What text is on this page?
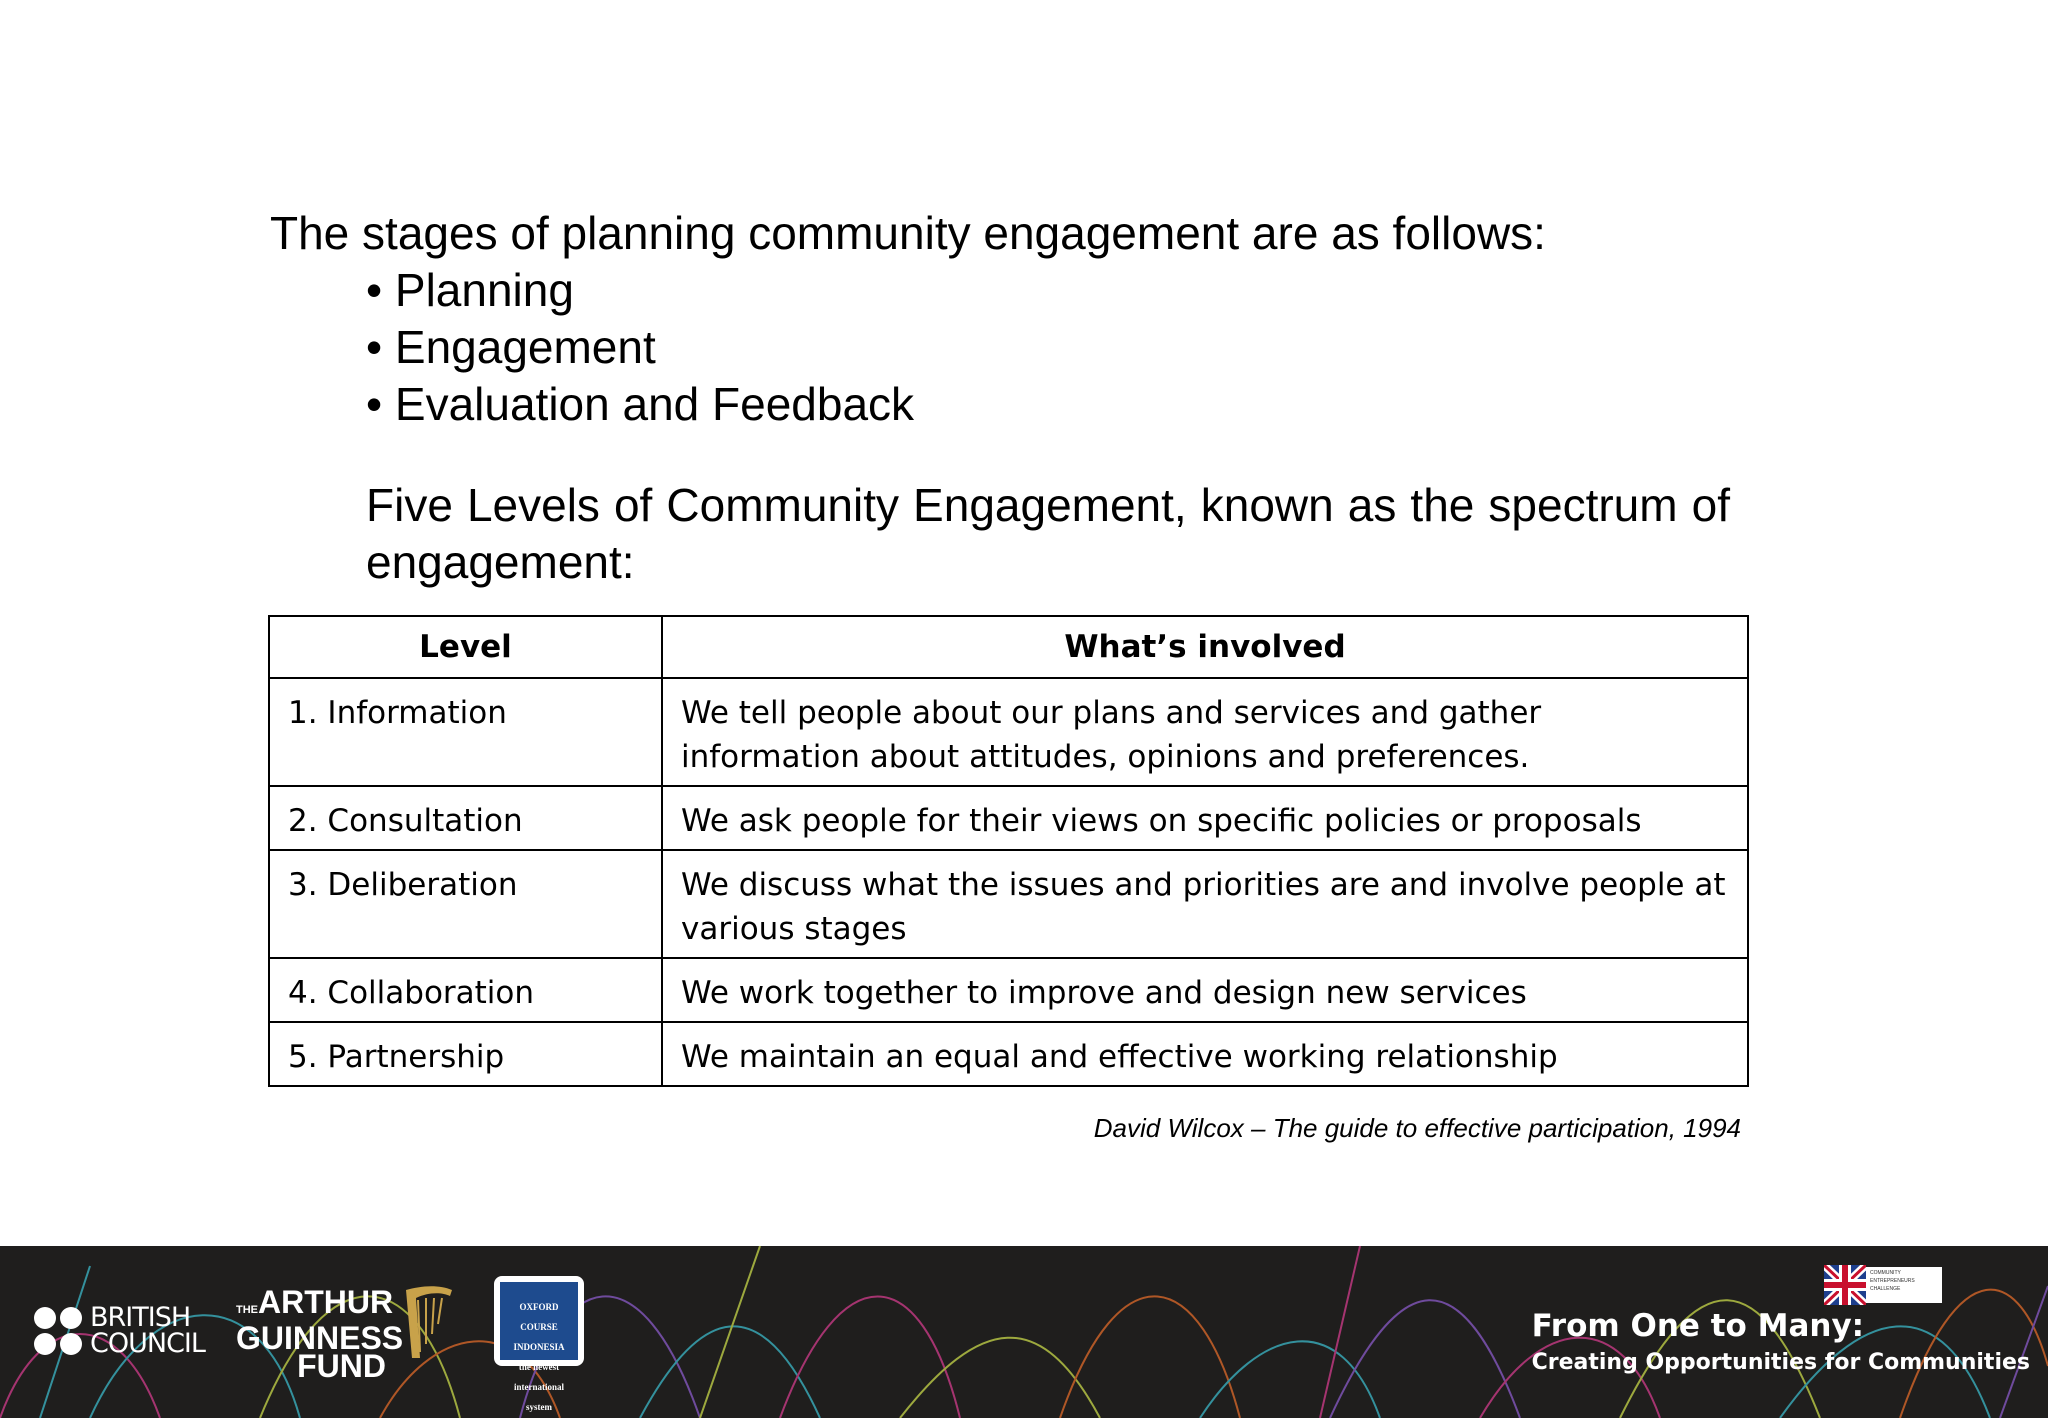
The stages of planning community engagement are as follows:
• Planning
• Engagement
• Evaluation and Feedback
Five Levels of Community Engagement, known as the spectrum of engagement:
Level	What’s involved
1. Information	We tell people about our plans and services and gather information about attitudes, opinions and preferences.
2. Consultation	We ask people for their views on specific policies or proposals
3. Deliberation	We discuss what the issues and priorities are and involve people at various stages
4. Collaboration	We work together to improve and design new services
5. Partnership	We maintain an equal and effective working relationship
David Wilcox – The guide to effective participation, 1994
BRITISH
COUNCIL
THEARTHUR
GUINNESS
FUND
OXFORD
COURSE
INDONESIA
the newest
international
system
COMMUNITY
ENTREPRENEURS
CHALLENGE
From One to Many:
Creating Opportunities for Communities
